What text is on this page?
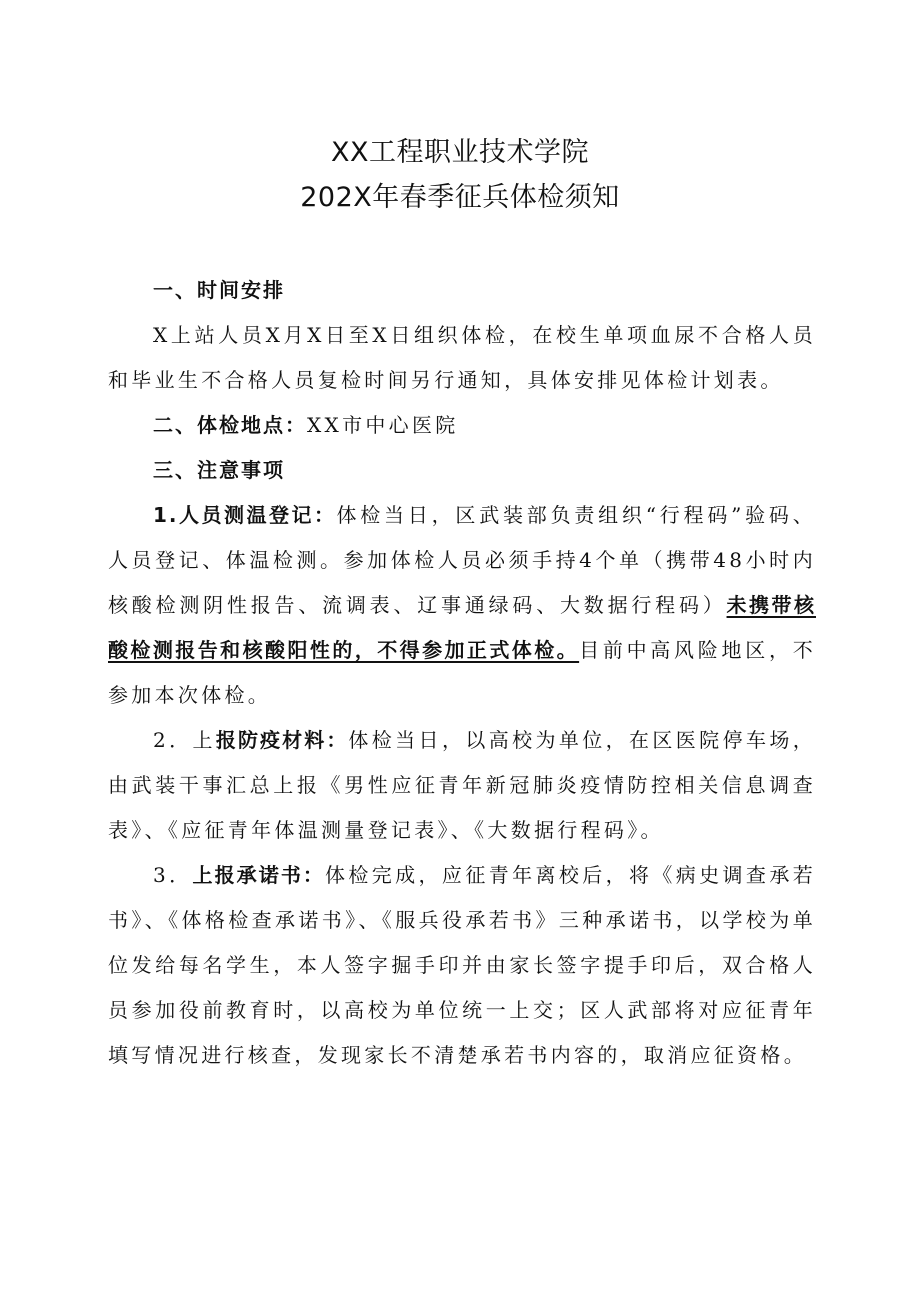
XX工程职业技术学院
202X年春季征兵体检须知

一、时间安排

X上站人员X月X日至X日组织体检，在校生单项血尿不合格人员和毕业生不合格人员复检时间另行通知，具体安排见体检计划表。

二、体检地点：XX市中心医院

三、注意事项

1.人员测温登记：体检当日，区武装部负责组织“行程码”验码、人员登记、体温检测。参加体检人员必须手持4个单（携带48小时内核酸检测阴性报告、流调表、辽事通绿码、大数据行程码）未携带核酸检测报告和核酸阳性的，不得参加正式体检。目前中高风险地区，不参加本次体检。

2．上报防疫材料：体检当日，以高校为单位，在区医院停车场，由武装干事汇总上报《男性应征青年新冠肺炎疫情防控相关信息调查表》、《应征青年体温测量登记表》、《大数据行程码》。

3．上报承诺书：体检完成，应征青年离校后，将《病史调查承若书》、《体格检查承诺书》、《服兵役承若书》三种承诺书，以学校为单位发给每名学生，本人签字掘手印并由家长签字提手印后，双合格人员参加役前教育时，以高校为单位统一上交；区人武部将对应征青年填写情况进行核查，发现家长不清楚承若书内容的，取消应征资格。
